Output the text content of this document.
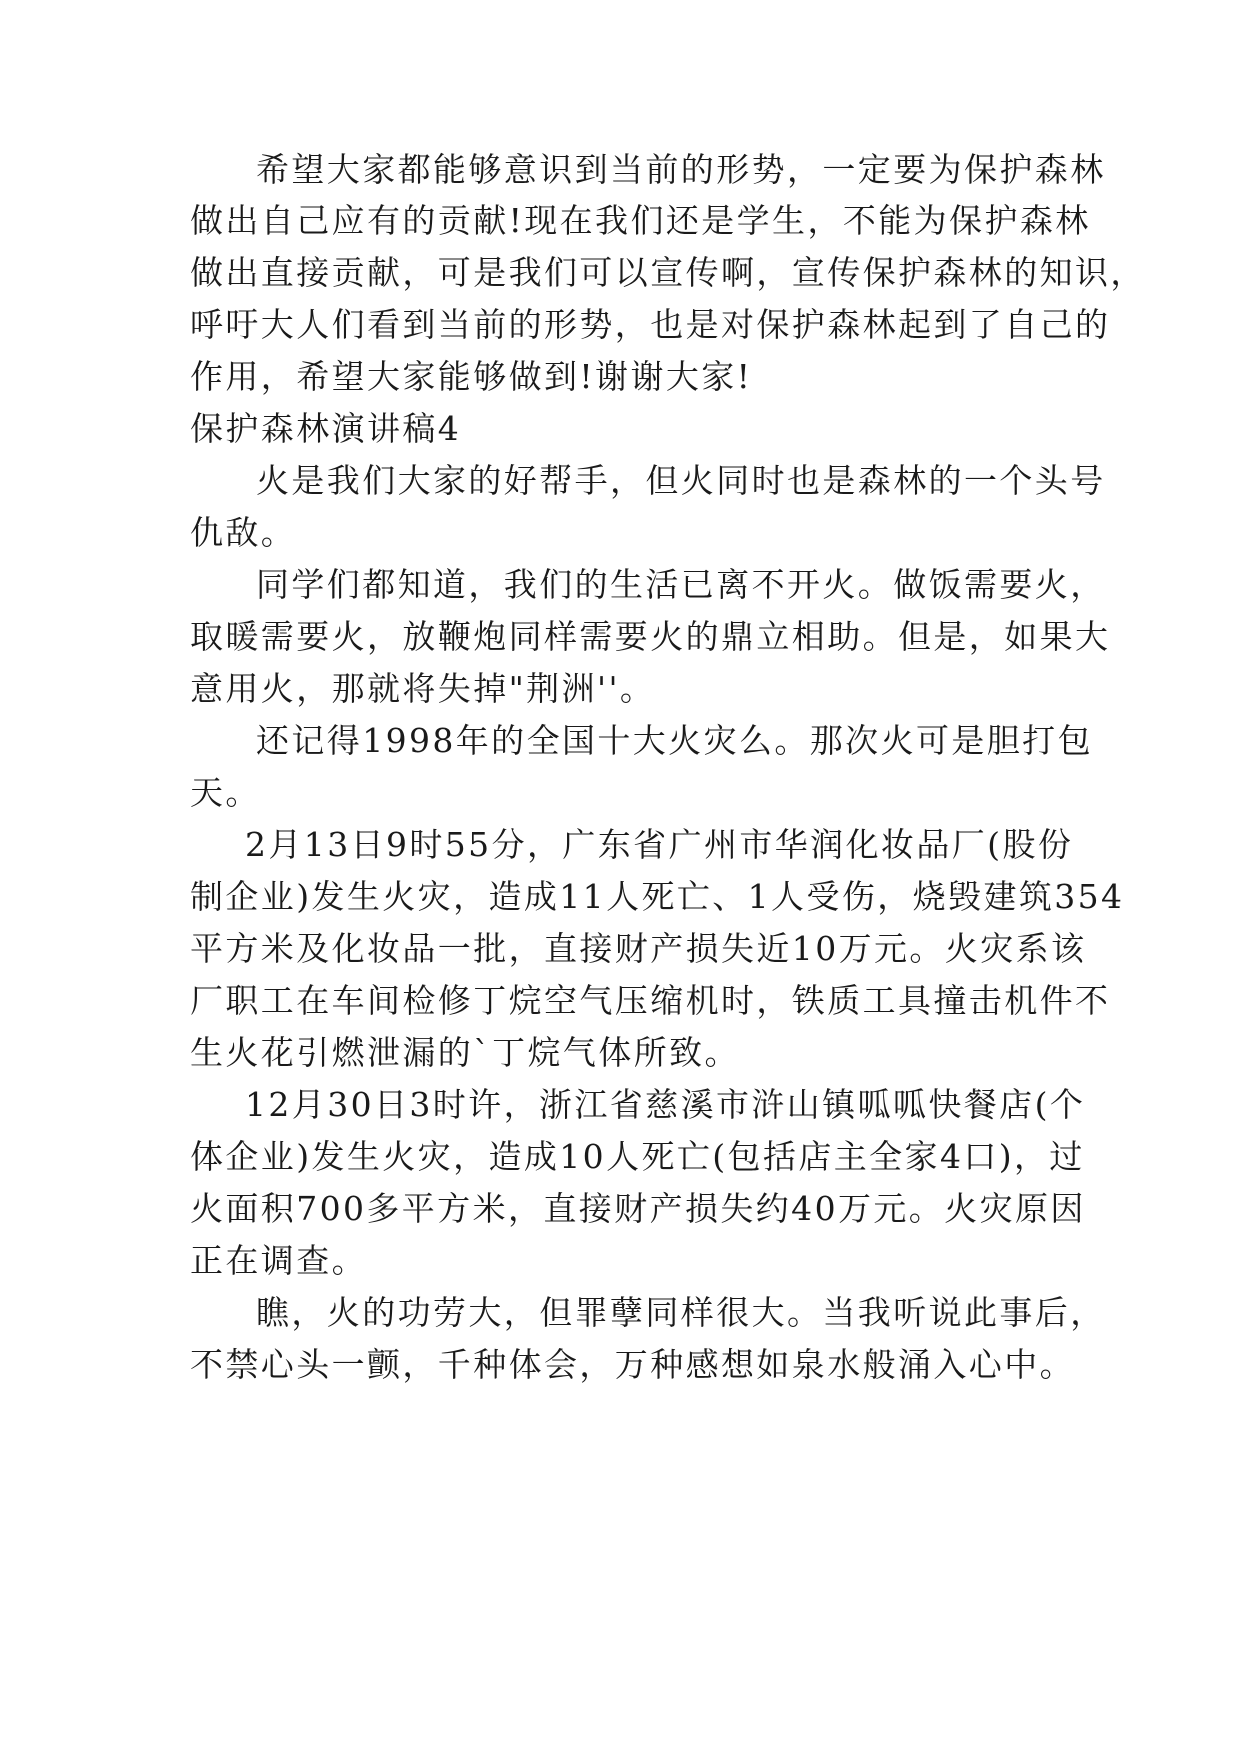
希望大家都能够意识到当前的形势，一定要为保护森林
做出自己应有的贡献!现在我们还是学生，不能为保护森林
做出直接贡献，可是我们可以宣传啊，宣传保护森林的知识，
呼吁大人们看到当前的形势，也是对保护森林起到了自己的
作用，希望大家能够做到!谢谢大家!
保护森林演讲稿4
火是我们大家的好帮手，但火同时也是森林的一个头号
仇敌。
同学们都知道，我们的生活已离不开火。做饭需要火，
取暖需要火，放鞭炮同样需要火的鼎立相助。但是，如果大
意用火，那就将失掉"荆洲''。
还记得1998年的全国十大火灾么。那次火可是胆打包
天。
2月13日9时55分，广东省广州市华润化妆品厂(股份
制企业)发生火灾，造成11人死亡、1人受伤，烧毁建筑354
平方米及化妆品一批，直接财产损失近10万元。火灾系该
厂职工在车间检修丁烷空气压缩机时，铁质工具撞击机件不
生火花引燃泄漏的`丁烷气体所致。
12月30日3时许，浙江省慈溪市浒山镇呱呱快餐店(个
体企业)发生火灾，造成10人死亡(包括店主全家4口)，过
火面积700多平方米，直接财产损失约40万元。火灾原因
正在调查。
瞧，火的功劳大，但罪孽同样很大。当我听说此事后，
不禁心头一颤，千种体会，万种感想如泉水般涌入心中。
